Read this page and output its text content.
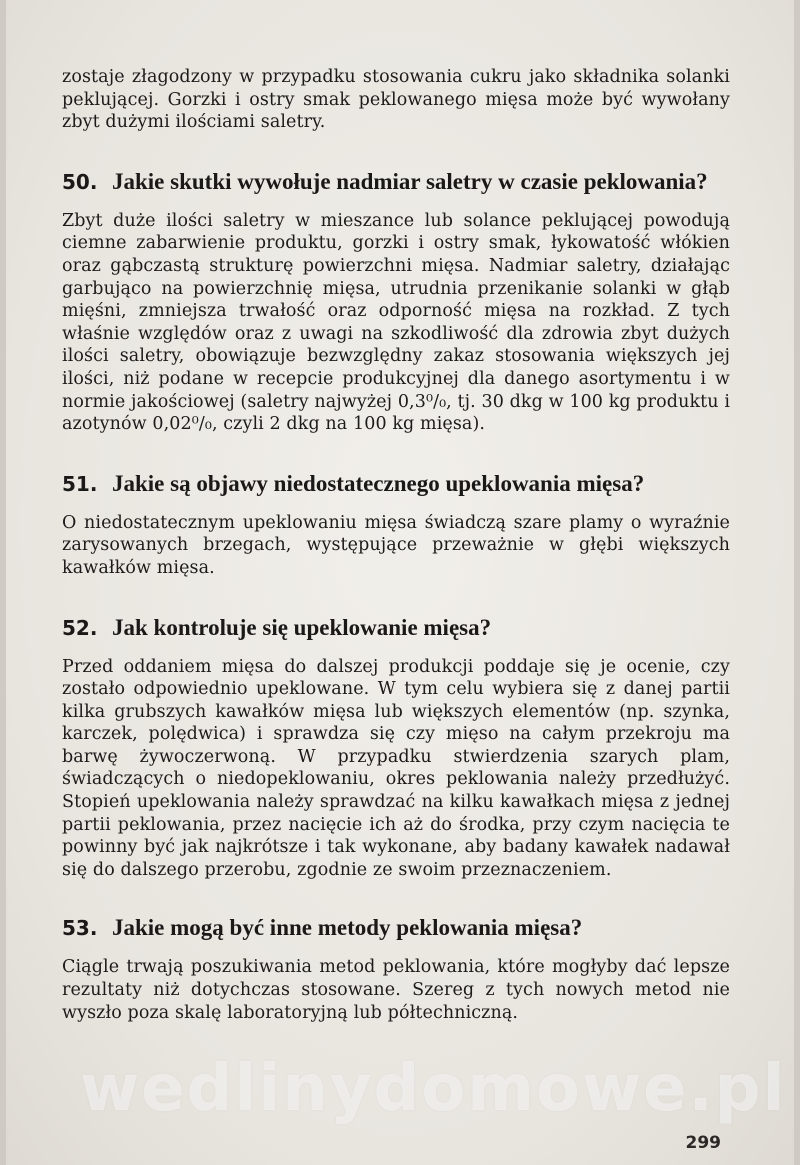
zostaje złagodzony w przypadku stosowania cukru jako składnika solanki peklującej. Gorzki i ostry smak peklowanego mięsa może być wywołany zbyt dużymi ilościami saletry.

50. Jakie skutki wywołuje nadmiar saletry w czasie peklowania?

Zbyt duże ilości saletry w mieszance lub solance peklującej powodują ciemne zabarwienie produktu, gorzki i ostry smak, łykowatość włókien oraz gąbczastą strukturę powierzchni mięsa. Nadmiar saletry, działając garbująco na powierzchnię mięsa, utrudnia przenikanie solanki w głąb mięśni, zmniejsza trwałość oraz odporność mięsa na rozkład. Z tych właśnie względów oraz z uwagi na szkodliwość dla zdrowia zbyt dużych ilości saletry, obowiązuje bezwzględny zakaz stosowania większych jej ilości, niż podane w recepcie produkcyjnej dla danego asortymentu i w normie jakościowej (saletry najwyżej 0,3⁰/₀, tj. 30 dkg w 100 kg produktu i azotynów 0,02⁰/₀, czyli 2 dkg na 100 kg mięsa).

51. Jakie są objawy niedostatecznego upeklowania mięsa?

O niedostatecznym upeklowaniu mięsa świadczą szare plamy o wyraźnie zarysowanych brzegach, występujące przeważnie w głębi większych kawałków mięsa.

52. Jak kontroluje się upeklowanie mięsa?

Przed oddaniem mięsa do dalszej produkcji poddaje się je ocenie, czy zostało odpowiednio upeklowane. W tym celu wybiera się z danej partii kilka grubszych kawałków mięsa lub większych elementów (np. szynka, karczek, polędwica) i sprawdza się czy mięso na całym przekroju ma barwę żywoczerwoną. W przypadku stwierdzenia szarych plam, świadczących o niedopeklowaniu, okres peklowania należy przedłużyć. Stopień upeklowania należy sprawdzać na kilku kawałkach mięsa z jednej partii peklowania, przez nacięcie ich aż do środka, przy czym nacięcia te powinny być jak najkrótsze i tak wykonane, aby badany kawałek nadawał się do dalszego przerobu, zgodnie ze swoim przeznaczeniem.

53. Jakie mogą być inne metody peklowania mięsa?

Ciągle trwają poszukiwania metod peklowania, które mogłyby dać lepsze rezultaty niż dotychczas stosowane. Szereg z tych nowych metod nie wyszło poza skalę laboratoryjną lub półtechniczną.

wedlinydomowe.pl
299
